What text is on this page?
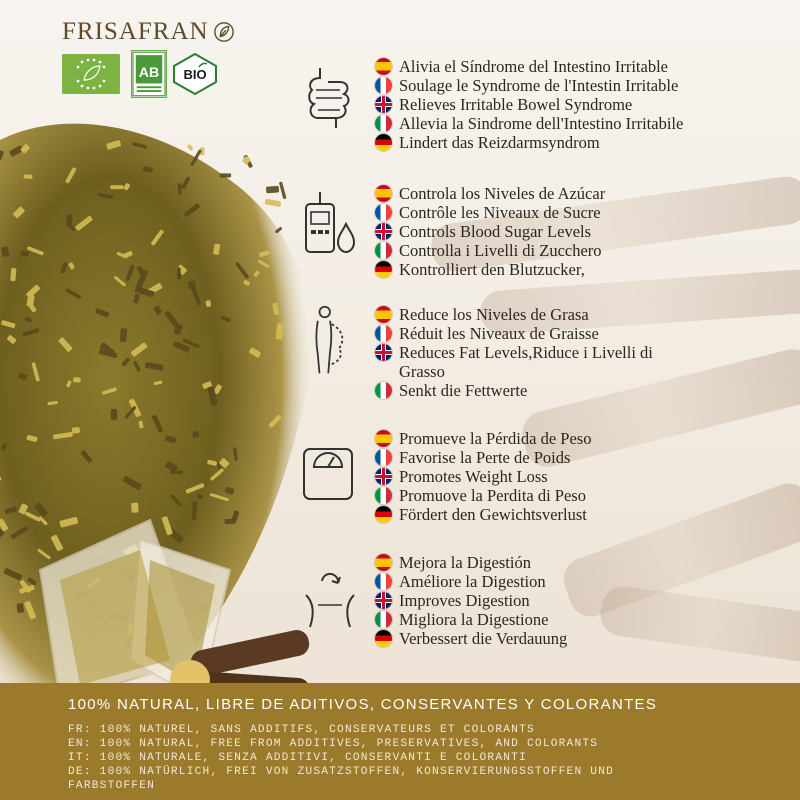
FRISAFRAN
AB BIO	Alivia el Síndrome del Intestino Irritable
Soulage le Syndrome de l'Intestin Irritable
Relieves Irritable Bowel Syndrome
Allevia la Sindrome dell'Intestino Irritabile
Lindert das Reizdarmsyndrom
Controla los Niveles de Azúcar
Contrôle les Niveaux de Sucre
Controls Blood Sugar Levels
Controlla i Livelli di Zucchero
Kontrolliert den Blutzucker,
Reduce los Niveles de Grasa
Réduit les Niveaux de Graisse
Reduces Fat Levels,Riduce i Livelli di
Grasso
Senkt die Fettwerte
Promueve la Pérdida de Peso
Favorise la Perte de Poids
Promotes Weight Loss
Promuove la Perdita di Peso
Fördert den Gewichtsverlust
Mejora la Digestión
Améliore la Digestion
Improves Digestion
Migliora la Digestione
Verbessert die Verdauung
100% NATURAL, LIBRE DE ADITIVOS, CONSERVANTES Y COLORANTES
FR: 100% NATUREL, SANS ADDITIFS, CONSERVATEURS ET COLORANTS
EN: 100% NATURAL, FREE FROM ADDITIVES, PRESERVATIVES, AND COLORANTS
IT: 100% NATURALE, SENZA ADDITIVI, CONSERVANTI E COLORANTI
DE: 100% NATÜRLICH, FREI VON ZUSATZSTOFFEN, KONSERVIERUNGSSTOFFEN UND
FARBSTOFFEN
